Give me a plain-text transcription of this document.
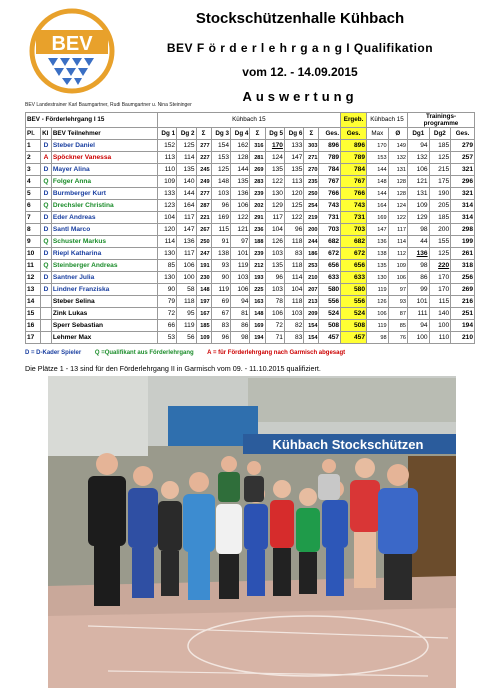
BEV
Stockschützenhalle Kühbach
BEV F ö r d e r l e h r g a n g I Qualifikation
vom 12. - 14.09.2015
Auswertung
BEV Landestrainer Karl Baumgartner, Rudi Baumgartner u. Nina Steininger
BEV - Förderlehrgang I 15			Kühbach 15										Ergeb.	Kühbach 15		Trainings-programme		
Pl.	Kl	BEV Teilnehmer	Dg 1	Dg 2	Σ	Dg 3	Dg 4	Σ	Dg 5	Dg 6	Σ	Ges.	Ges.	Max	Ø	Dg1	Dg2	Ges.
1	D	Steber Daniel	152	125	277	154	162	316	170	133	303	896	896	170	149	94	185	279
2	A	Spöckner Vanessa	113	114	227	153	128	281	124	147	271	789	789	153	132	132	125	257
3	D	Mayer Alina	110	135	245	125	144	269	135	135	270	784	784	144	131	106	215	321
4	Q	Folger Anna	109	140	249	148	135	283	122	113	235	767	767	148	128	121	175	296
5	D	Burmberger Kurt	133	144	277	103	136	239	130	120	250	766	766	144	128	131	190	321
6	Q	Drechsler Christina	123	164	287	96	106	202	129	125	254	743	743	164	124	109	205	314
7	D	Eder Andreas	104	117	221	169	122	291	117	122	219	731	731	169	122	129	185	314
8	D	Santl Marco	120	147	267	115	121	236	104	96	200	703	703	147	117	98	200	298
9	Q	Schuster Markus	114	136	250	91	97	188	126	118	244	682	682	136	114	44	155	199
10	D	Riepl Katharina	130	117	247	138	101	239	103	83	186	672	672	138	112	136	125	261
11	Q	Steinberger Andreas	85	106	191	93	119	212	135	118	253	656	656	135	109	98	220	318
12	D	Santner Julia	130	100	230	90	103	193	96	114	210	633	633	130	106	86	170	256
13	D	Lindner Franziska	90	58	148	119	106	225	103	104	207	580	580	119	97	99	170	269
14		Steber Selina	79	118	197	69	94	163	78	118	213	556	556	126	93	101	115	216
15		Zink Lukas	72	95	167	67	81	148	106	103	209	524	524	106	87	111	140	251
16		Sperr Sebastian	66	119	185	83	86	169	72	82	154	508	508	119	85	94	100	194
17		Lehmer Max	53	56	109	96	98	194	71	83	154	457	457	98	76	100	110	210
D = D-Kader Spieler Q =Qualifikant aus Förderlehrgang A = für Förderlehrgang nach Garmisch abgesagt
Die Plätze 1 - 13 sind für den Förderlehrgang II in Garmisch vom 09. - 11.10.2015 qualifiziert.
Kühbach Stockschützen
